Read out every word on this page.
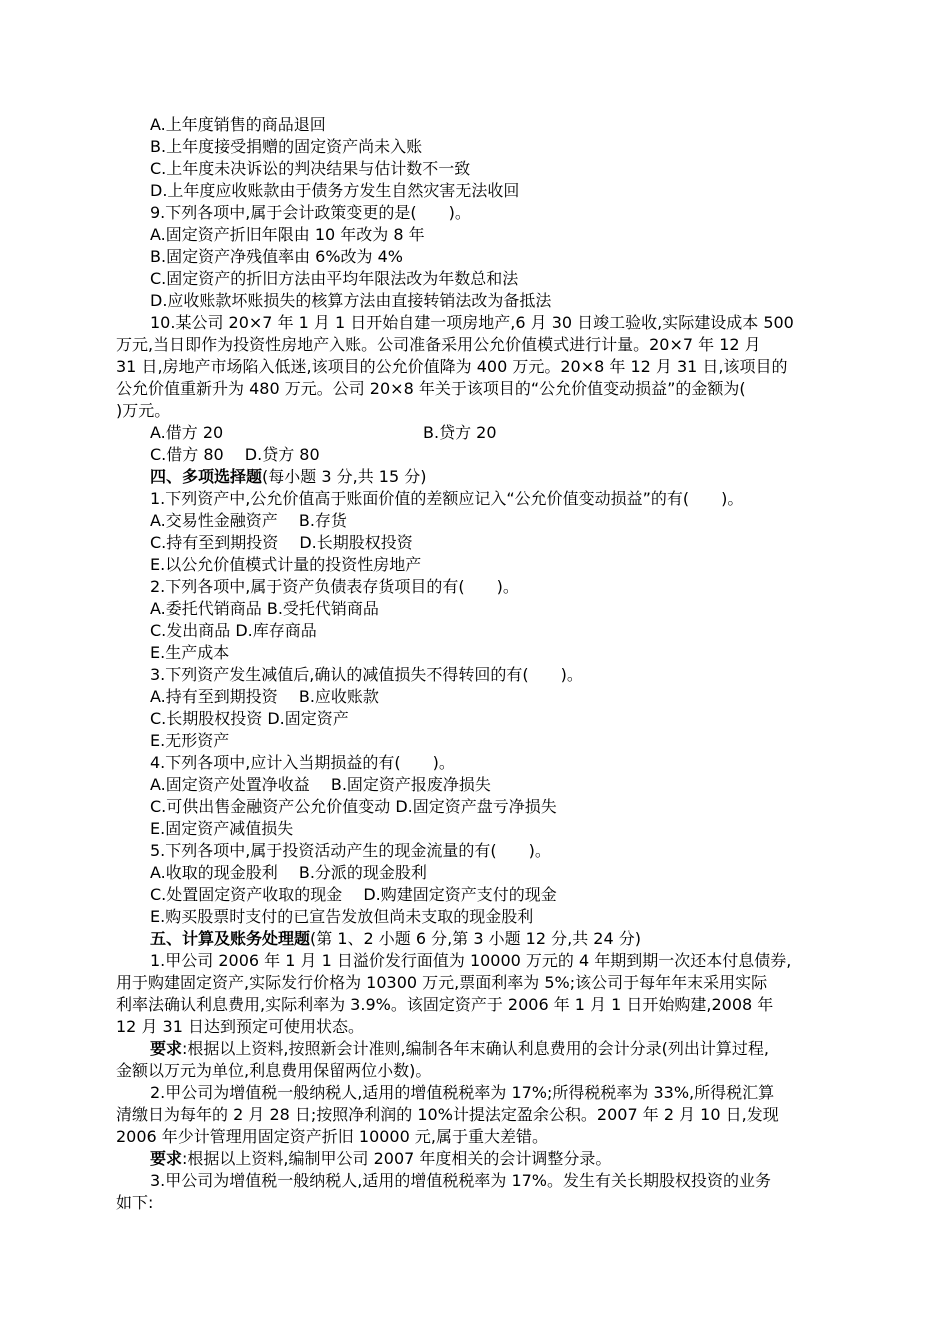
A.上年度销售的商品退回

B.上年度接受捐赠的固定资产尚未入账

C.上年度未决诉讼的判决结果与估计数不一致

D.上年度应收账款由于债务方发生自然灾害无法收回

9.下列各项中,属于会计政策变更的是(　　)。

A.固定资产折旧年限由 10 年改为 8 年

B.固定资产净残值率由 6%改为 4%

C.固定资产的折旧方法由平均年限法改为年数总和法

D.应收账款坏账损失的核算方法由直接转销法改为备抵法

10.某公司 20×7 年 1 月 1 日开始自建一项房地产,6 月 30 日竣工验收,实际建设成本 500

万元,当日即作为投资性房地产入账。公司准备采用公允价值模式进行计量。20×7 年 12 月

31 日,房地产市场陷入低迷,该项目的公允价值降为 400 万元。20×8 年 12 月 31 日,该项目的

公允价值重新升为 480 万元。公司 20×8 年关于该项目的“公允价值变动损益”的金额为(

)万元。

A.借方 20	B.贷方 20

C.借方 80　 D.贷方 80

四、多项选择题(每小题 3 分,共 15 分)

1.下列资产中,公允价值高于账面价值的差额应记入“公允价值变动损益”的有(　　)。

A.交易性金融资产　 B.存货

C.持有至到期投资　 D.长期股权投资

E.以公允价值模式计量的投资性房地产

2.下列各项中,属于资产负债表存货项目的有(　　)。

A.委托代销商品 B.受托代销商品

C.发出商品 D.库存商品

E.生产成本

3.下列资产发生减值后,确认的减值损失不得转回的有(　　)。

A.持有至到期投资　 B.应收账款

C.长期股权投资 D.固定资产

E.无形资产

4.下列各项中,应计入当期损益的有(　　)。

A.固定资产处置净收益　 B.固定资产报废净损失

C.可供出售金融资产公允价值变动 D.固定资产盘亏净损失

E.固定资产减值损失

5.下列各项中,属于投资活动产生的现金流量的有(　　)。

A.收取的现金股利　 B.分派的现金股利

C.处置固定资产收取的现金　 D.购建固定资产支付的现金

E.购买股票时支付的已宣告发放但尚未支取的现金股利

五、计算及账务处理题(第 1、2 小题 6 分,第 3 小题 12 分,共 24 分)

1.甲公司 2006 年 1 月 1 日溢价发行面值为 10000 万元的 4 年期到期一次还本付息债券,

用于购建固定资产,实际发行价格为 10300 万元,票面利率为 5%;该公司于每年年末采用实际

利率法确认利息费用,实际利率为 3.9%。该固定资产于 2006 年 1 月 1 日开始购建,2008 年

12 月 31 日达到预定可使用状态。

要求:根据以上资料,按照新会计准则,编制各年末确认利息费用的会计分录(列出计算过程,

金额以万元为单位,利息费用保留两位小数)。

2.甲公司为增值税一般纳税人,适用的增值税税率为 17%;所得税税率为 33%,所得税汇算

清缴日为每年的 2 月 28 日;按照净利润的 10%计提法定盈余公积。2007 年 2 月 10 日,发现

2006 年少计管理用固定资产折旧 10000 元,属于重大差错。

要求:根据以上资料,编制甲公司 2007 年度相关的会计调整分录。

3.甲公司为增值税一般纳税人,适用的增值税税率为 17%。发生有关长期股权投资的业务

如下:
